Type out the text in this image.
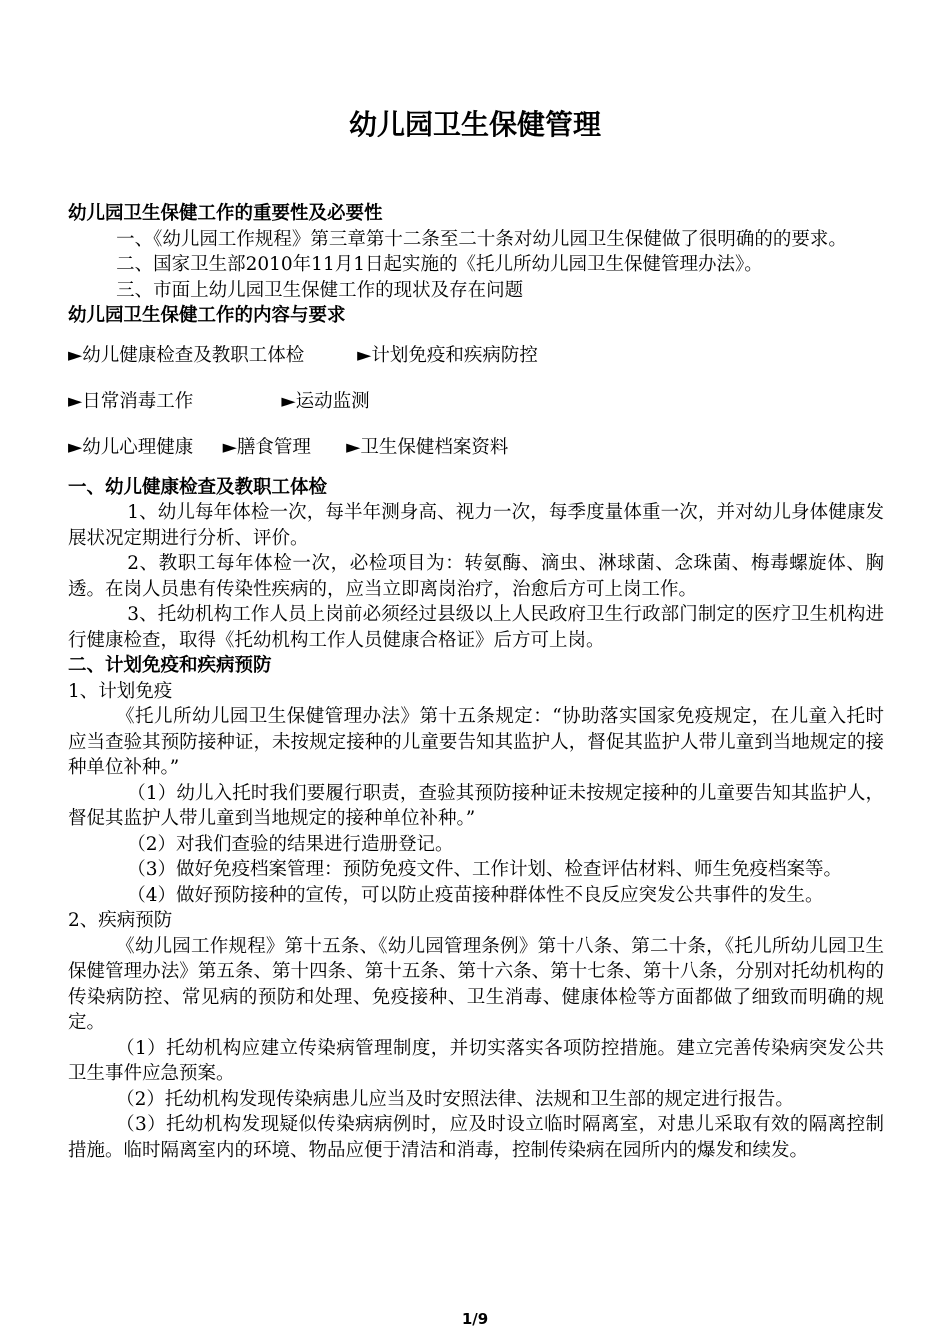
幼儿园卫生保健管理

幼儿园卫生保健工作的重要性及必要性

一、《幼儿园工作规程》第三章第十二条至二十条对幼儿园卫生保健做了很明确的的要求。

二、国家卫生部2010年11月1日起实施的《托儿所幼儿园卫生保健管理办法》。

三、市面上幼儿园卫生保健工作的现状及存在问题

幼儿园卫生保健工作的内容与要求

►幼儿健康检查及教职工体检         ►计划免疫和疾病防控

►日常消毒工作               ►运动监测

►幼儿心理健康     ►膳食管理      ►卫生保健档案资料

一、幼儿健康检查及教职工体检

1、幼儿每年体检一次，每半年测身高、视力一次，每季度量体重一次，并对幼儿身体健康发展状况定期进行分析、评价。

2、教职工每年体检一次，必检项目为：转氨酶、滴虫、淋球菌、念珠菌、梅毒螺旋体、胸透。在岗人员患有传染性疾病的，应当立即离岗治疗，治愈后方可上岗工作。

3、托幼机构工作人员上岗前必须经过县级以上人民政府卫生行政部门制定的医疗卫生机构进行健康检查，取得《托幼机构工作人员健康合格证》后方可上岗。

二、计划免疫和疾病预防

1、计划免疫

《托儿所幼儿园卫生保健管理办法》第十五条规定：“协助落实国家免疫规定，在儿童入托时应当查验其预防接种证，未按规定接种的儿童要告知其监护人，督促其监护人带儿童到当地规定的接种单位补种。”

（1）幼儿入托时我们要履行职责，查验其预防接种证未按规定接种的儿童要告知其监护人，督促其监护人带儿童到当地规定的接种单位补种。”

（2）对我们查验的结果进行造册登记。

（3）做好免疫档案管理：预防免疫文件、工作计划、检查评估材料、师生免疫档案等。

（4）做好预防接种的宣传，可以防止疫苗接种群体性不良反应突发公共事件的发生。

2、疾病预防

《幼儿园工作规程》第十五条、《幼儿园管理条例》第十八条、第二十条，《托儿所幼儿园卫生保健管理办法》第五条、第十四条、第十五条、第十六条、第十七条、第十八条，分别对托幼机构的传染病防控、常见病的预防和处理、免疫接种、卫生消毒、健康体检等方面都做了细致而明确的规定。

（1）托幼机构应建立传染病管理制度，并切实落实各项防控措施。建立完善传染病突发公共卫生事件应急预案。

（2）托幼机构发现传染病患儿应当及时安照法律、法规和卫生部的规定进行报告。

（3）托幼机构发现疑似传染病病例时，应及时设立临时隔离室，对患儿采取有效的隔离控制措施。临时隔离室内的环境、物品应便于清洁和消毒，控制传染病在园所内的爆发和续发。

1/9
